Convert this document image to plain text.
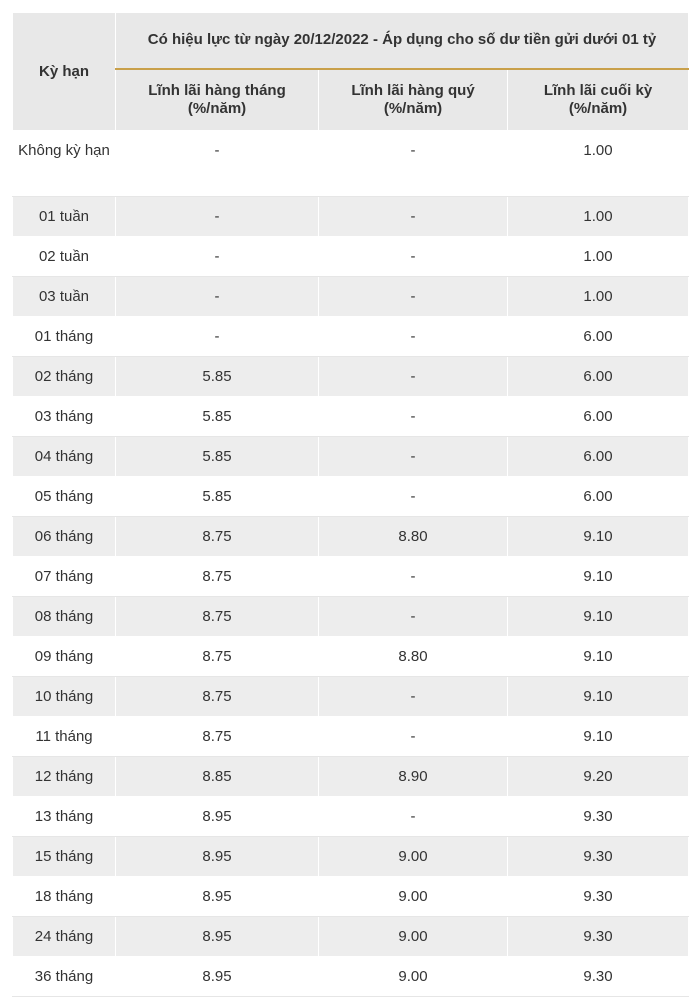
Kỳ hạn	Có hiệu lực từ ngày 20/12/2022 - Áp dụng cho số dư tiền gửi dưới 01 tỷ		
	Lĩnh lãi hàng tháng (%/năm)	Lĩnh lãi hàng quý (%/năm)	Lĩnh lãi cuối kỳ (%/năm)
Không kỳ hạn	-	-	1.00
01 tuần	-	-	1.00
02 tuần	-	-	1.00
03 tuần	-	-	1.00
01 tháng	-	-	6.00
02 tháng	5.85	-	6.00
03 tháng	5.85	-	6.00
04 tháng	5.85	-	6.00
05 tháng	5.85	-	6.00
06 tháng	8.75	8.80	9.10
07 tháng	8.75	-	9.10
08 tháng	8.75	-	9.10
09 tháng	8.75	8.80	9.10
10 tháng	8.75	-	9.10
11 tháng	8.75	-	9.10
12 tháng	8.85	8.90	9.20
13 tháng	8.95	-	9.30
15 tháng	8.95	9.00	9.30
18 tháng	8.95	9.00	9.30
24 tháng	8.95	9.00	9.30
36 tháng	8.95	9.00	9.30
